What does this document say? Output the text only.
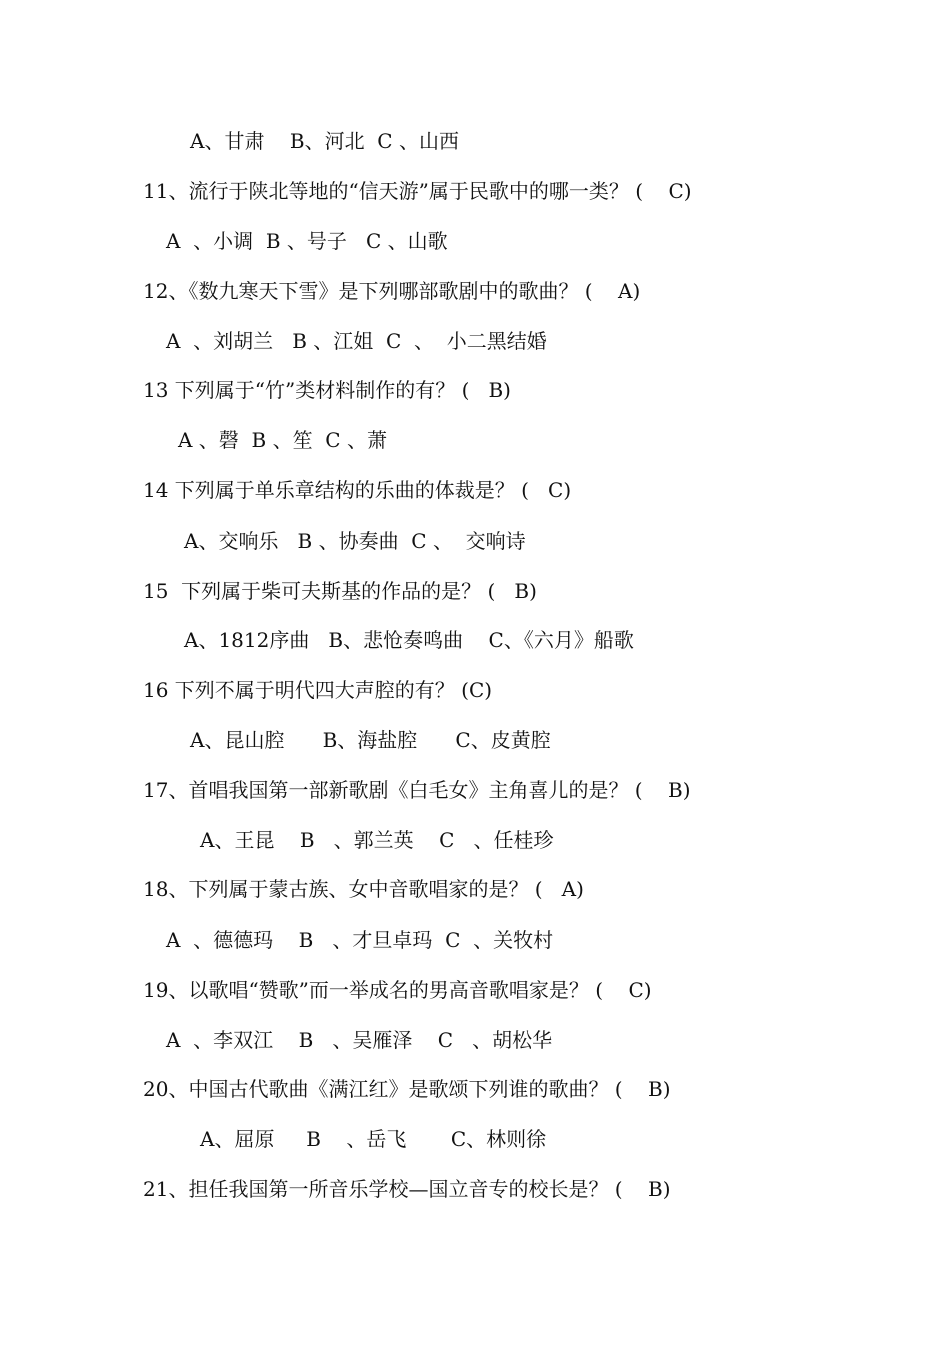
A、甘肃    B、河北  C 、山西
11、流行于陕北等地的“信天游”属于民歌中的哪一类？ (    C)
A  、小调  B 、号子   C 、山歌
12、《数九寒天下雪》是下列哪部歌剧中的歌曲？ (    A)
A  、刘胡兰   B 、江姐  C  、  小二黑结婚
13 下列属于“竹”类材料制作的有？ (   B)
A 、磬  B 、笙  C 、萧
14 下列属于单乐章结构的乐曲的体裁是？ (   C)
A、交响乐   B 、协奏曲  C 、  交响诗
15  下列属于柴可夫斯基的作品的是？ (   B)
A、1812序曲   B、悲怆奏鸣曲    C、《六月》船歌
16 下列不属于明代四大声腔的有？ (C)
A、昆山腔      B、海盐腔      C、皮黄腔
17、首唱我国第一部新歌剧《白毛女》主角喜儿的是？ (    B)
A、王昆    B   、郭兰英    C   、任桂珍
18、下列属于蒙古族、女中音歌唱家的是？ (   A)
A  、德德玛    B   、才旦卓玛  C  、关牧村
19、以歌唱“赞歌”而一举成名的男高音歌唱家是？ (    C)
A  、李双江    B   、吴雁泽    C   、胡松华
20、中国古代歌曲《满江红》是歌颂下列谁的歌曲？ (    B)
A、屈原     B    、岳飞       C、林则徐
21、担任我国第一所音乐学校—国立音专的校长是？ (    B)
